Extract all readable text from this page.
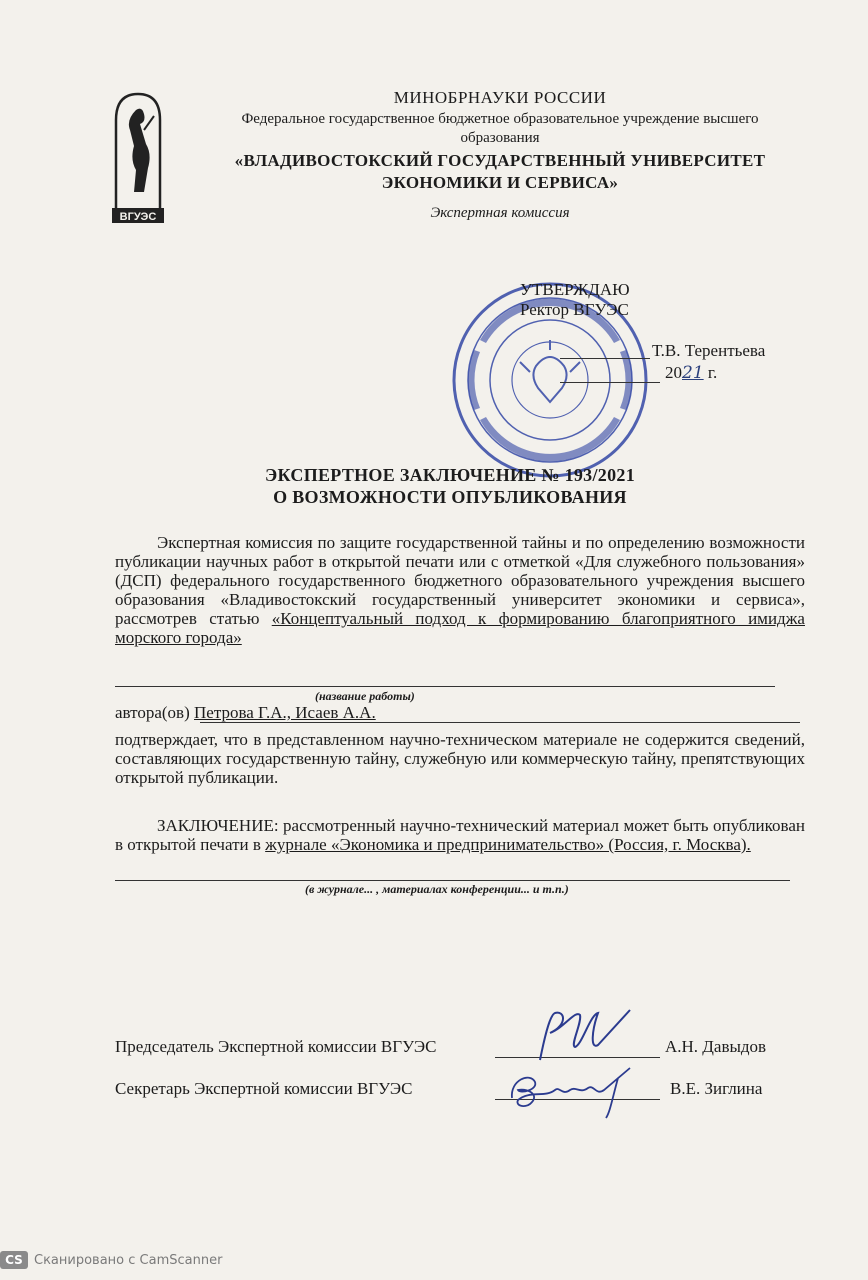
ВГУЭС
МИНОБРНАУКИ РОССИИ
Федеральное государственное бюджетное образовательное учреждение высшего образования
«ВЛАДИВОСТОКСКИЙ ГОСУДАРСТВЕННЫЙ УНИВЕРСИТЕТ ЭКОНОМИКИ И СЕРВИСА»
Экспертная комиссия
УТВЕРЖДАЮ
Ректор ВГУЭС
Т.В. Терентьева
2021 г.
ЭКСПЕРТНОЕ ЗАКЛЮЧЕНИЕ № 193/2021
О ВОЗМОЖНОСТИ ОПУБЛИКОВАНИЯ
Экспертная комиссия по защите государственной тайны и по определению возможности публикации научных работ в открытой печати или с отметкой «Для служебного пользования» (ДСП) федерального государственного бюджетного образовательного учреждения высшего образования «Владивостокский государственный университет экономики и сервиса», рассмотрев статью «Концептуальный подход к формированию благоприятного имиджа морского города»
(название работы)
автора(ов) Петрова Г.А., Исаев А.А.
подтверждает, что в представленном научно-техническом материале не содержится сведений, составляющих государственную тайну, служебную или коммерческую тайну, препятствующих открытой публикации.
ЗАКЛЮЧЕНИЕ: рассмотренный научно-технический материал может быть опубликован в открытой печати в журнале «Экономика и предпринимательство» (Россия, г. Москва).
(в журнале... , материалах конференции... и т.п.)
Председатель Экспертной комиссии ВГУЭС	А.Н. Давыдов
Секретарь Экспертной комиссии ВГУЭС	В.Е. Зиглина
CS Сканировано с CamScanner
